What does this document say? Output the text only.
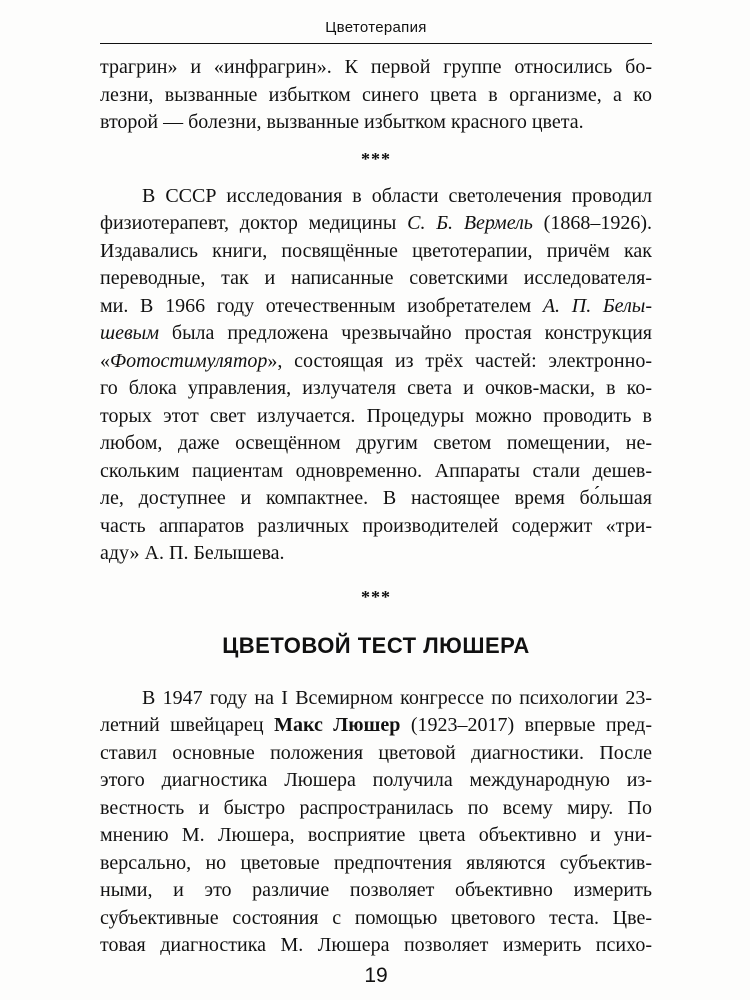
Цветотерапия

трагрин» и «инфрагрин». К первой группе относились бо-
лезни, вызванные избытком синего цвета в организме, а ко
второй — болезни, вызванные избытком красного цвета.

***

В СССР исследования в области светолечения проводил
физиотерапевт, доктор медицины С. Б. Вермель (1868–1926).
Издавались книги, посвящённые цветотерапии, причём как
переводные, так и написанные советскими исследователя-
ми. В 1966 году отечественным изобретателем А. П. Белы-
шевым была предложена чрезвычайно простая конструкция
«Фотостимулятор», состоящая из трёх частей: электронно-
го блока управления, излучателя света и очков-маски, в ко-
торых этот свет излучается. Процедуры можно проводить в
любом, даже освещённом другим светом помещении, не-
скольким пациентам одновременно. Аппараты стали дешев-
ле, доступнее и компактнее. В настоящее время бо́льшая
часть аппаратов различных производителей содержит «три-
аду» А. П. Белышева.

***
ЦВЕТОВОЙ ТЕСТ ЛЮШЕРА

В 1947 году на I Всемирном конгрессе по психологии 23-
летний швейцарец Макс Люшер (1923–2017) впервые пред-
ставил основные положения цветовой диагностики. После
этого диагностика Люшера получила международную из-
вестность и быстро распространилась по всему миру. По
мнению М. Люшера, восприятие цвета объективно и уни-
версально, но цветовые предпочтения являются субъектив-
ными, и это различие позволяет объективно измерить
субъективные состояния с помощью цветового теста. Цве-
товая диагностика М. Люшера позволяет измерить психо-

19
